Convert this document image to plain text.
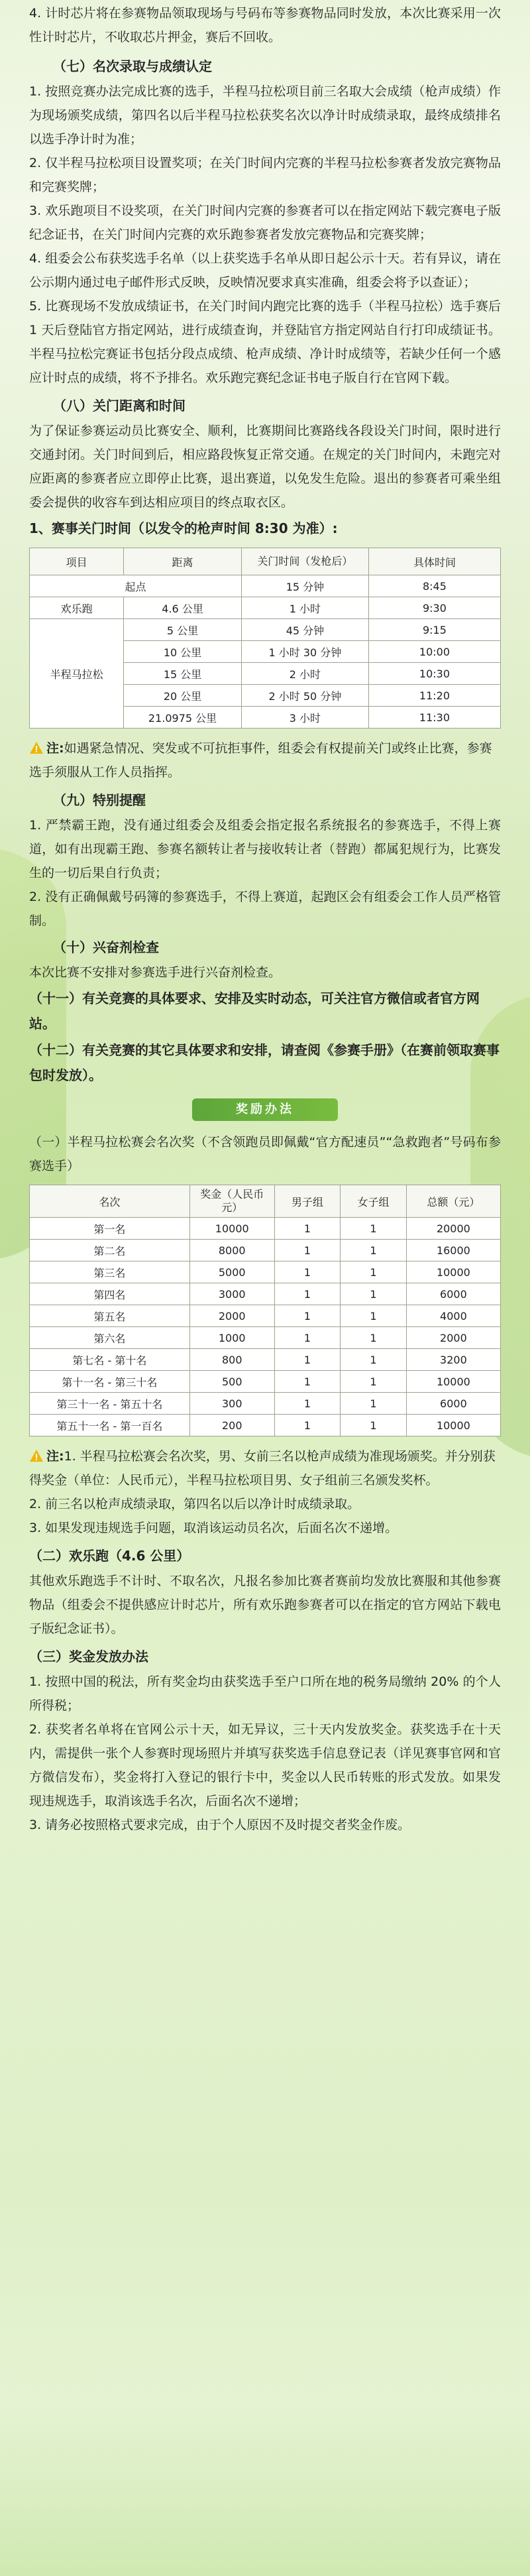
4. 计时芯片将在参赛物品领取现场与号码布等参赛物品同时发放，本次比赛采用一次性计时芯片，不收取芯片押金，赛后不回收。

（七）名次录取与成绩认定

1. 按照竞赛办法完成比赛的选手，半程马拉松项目前三名取大会成绩（枪声成绩）作为现场颁奖成绩，第四名以后半程马拉松获奖名次以净计时成绩录取，最终成绩排名以选手净计时为准；

2. 仅半程马拉松项目设置奖项；在关门时间内完赛的半程马拉松参赛者发放完赛物品和完赛奖牌；

3. 欢乐跑项目不设奖项，在关门时间内完赛的参赛者可以在指定网站下载完赛电子版纪念证书，在关门时间内完赛的欢乐跑参赛者发放完赛物品和完赛奖牌；

4. 组委会公布获奖选手名单（以上获奖选手名单从即日起公示十天。若有异议，请在公示期内通过电子邮件形式反映，反映情况要求真实准确，组委会将予以查证）；

5. 比赛现场不发放成绩证书，在关门时间内跑完比赛的选手（半程马拉松）选手赛后 1 天后登陆官方指定网站，进行成绩查询，并登陆官方指定网站自行打印成绩证书。半程马拉松完赛证书包括分段点成绩、枪声成绩、净计时成绩等，若缺少任何一个感应计时点的成绩，将不予排名。欢乐跑完赛纪念证书电子版自行在官网下载。

（八）关门距离和时间

为了保证参赛运动员比赛安全、顺利，比赛期间比赛路线各段设关门时间，限时进行交通封闭。关门时间到后，相应路段恢复正常交通。在规定的关门时间内，未跑完对应距离的参赛者应立即停止比赛，退出赛道，以免发生危险。退出的参赛者可乘坐组委会提供的收容车到达相应项目的终点取衣区。

1、赛事关门时间（以发令的枪声时间 8:30 为准）:

项目	距离	关门时间（发枪后）	具体时间
起点		15 分钟	8:45
欢乐跑	4.6 公里	1 小时	9:30
半程马拉松	5 公里	45 分钟	9:15
	10 公里	1 小时 30 分钟	10:00
	15 公里	2 小时	10:30
	20 公里	2 小时 50 分钟	11:20
	21.0975 公里	3 小时	11:30

注:如遇紧急情况、突发或不可抗拒事件，组委会有权提前关门或终止比赛，参赛选手须服从工作人员指挥。

（九）特别提醒

1. 严禁霸王跑，没有通过组委会及组委会指定报名系统报名的参赛选手，不得上赛道，如有出现霸王跑、参赛名额转让者与接收转让者（替跑）都属犯规行为，比赛发生的一切后果自行负责；

2. 没有正确佩戴号码簿的参赛选手，不得上赛道，起跑区会有组委会工作人员严格管制。

（十）兴奋剂检查

本次比赛不安排对参赛选手进行兴奋剂检查。

（十一）有关竞赛的具体要求、安排及实时动态，可关注官方微信或者官方网站。

（十二）有关竞赛的其它具体要求和安排，请查阅《参赛手册》（在赛前领取赛事包时发放）。

奖励办法

（一）半程马拉松赛会名次奖（不含领跑员即佩戴“官方配速员”“急救跑者”号码布参赛选手）

名次	奖金（人民币元）	男子组	女子组	总额（元）
第一名	10000	1	1	20000
第二名	8000	1	1	16000
第三名	5000	1	1	10000
第四名	3000	1	1	6000
第五名	2000	1	1	4000
第六名	1000	1	1	2000
第七名 - 第十名	800	1	1	3200
第十一名 - 第三十名	500	1	1	10000
第三十一名 - 第五十名	300	1	1	6000
第五十一名 - 第一百名	200	1	1	10000

注:1. 半程马拉松赛会名次奖，男、女前三名以枪声成绩为准现场颁奖。并分别获得奖金（单位：人民币元），半程马拉松项目男、女子组前三名颁发奖杯。

2. 前三名以枪声成绩录取，第四名以后以净计时成绩录取。

3. 如果发现违规选手问题，取消该运动员名次，后面名次不递增。

（二）欢乐跑（4.6 公里）

其他欢乐跑选手不计时、不取名次，凡报名参加比赛者赛前均发放比赛服和其他参赛物品（组委会不提供感应计时芯片，所有欢乐跑参赛者可以在指定的官方网站下载电子版纪念证书）。

（三）奖金发放办法

1. 按照中国的税法，所有奖金均由获奖选手至户口所在地的税务局缴纳 20% 的个人所得税；

2. 获奖者名单将在官网公示十天，如无异议，三十天内发放奖金。获奖选手在十天内，需提供一张个人参赛时现场照片并填写获奖选手信息登记表（详见赛事官网和官方微信发布），奖金将打入登记的银行卡中，奖金以人民币转账的形式发放。如果发现违规选手，取消该选手名次，后面名次不递增；

3. 请务必按照格式要求完成，由于个人原因不及时提交者奖金作废。
